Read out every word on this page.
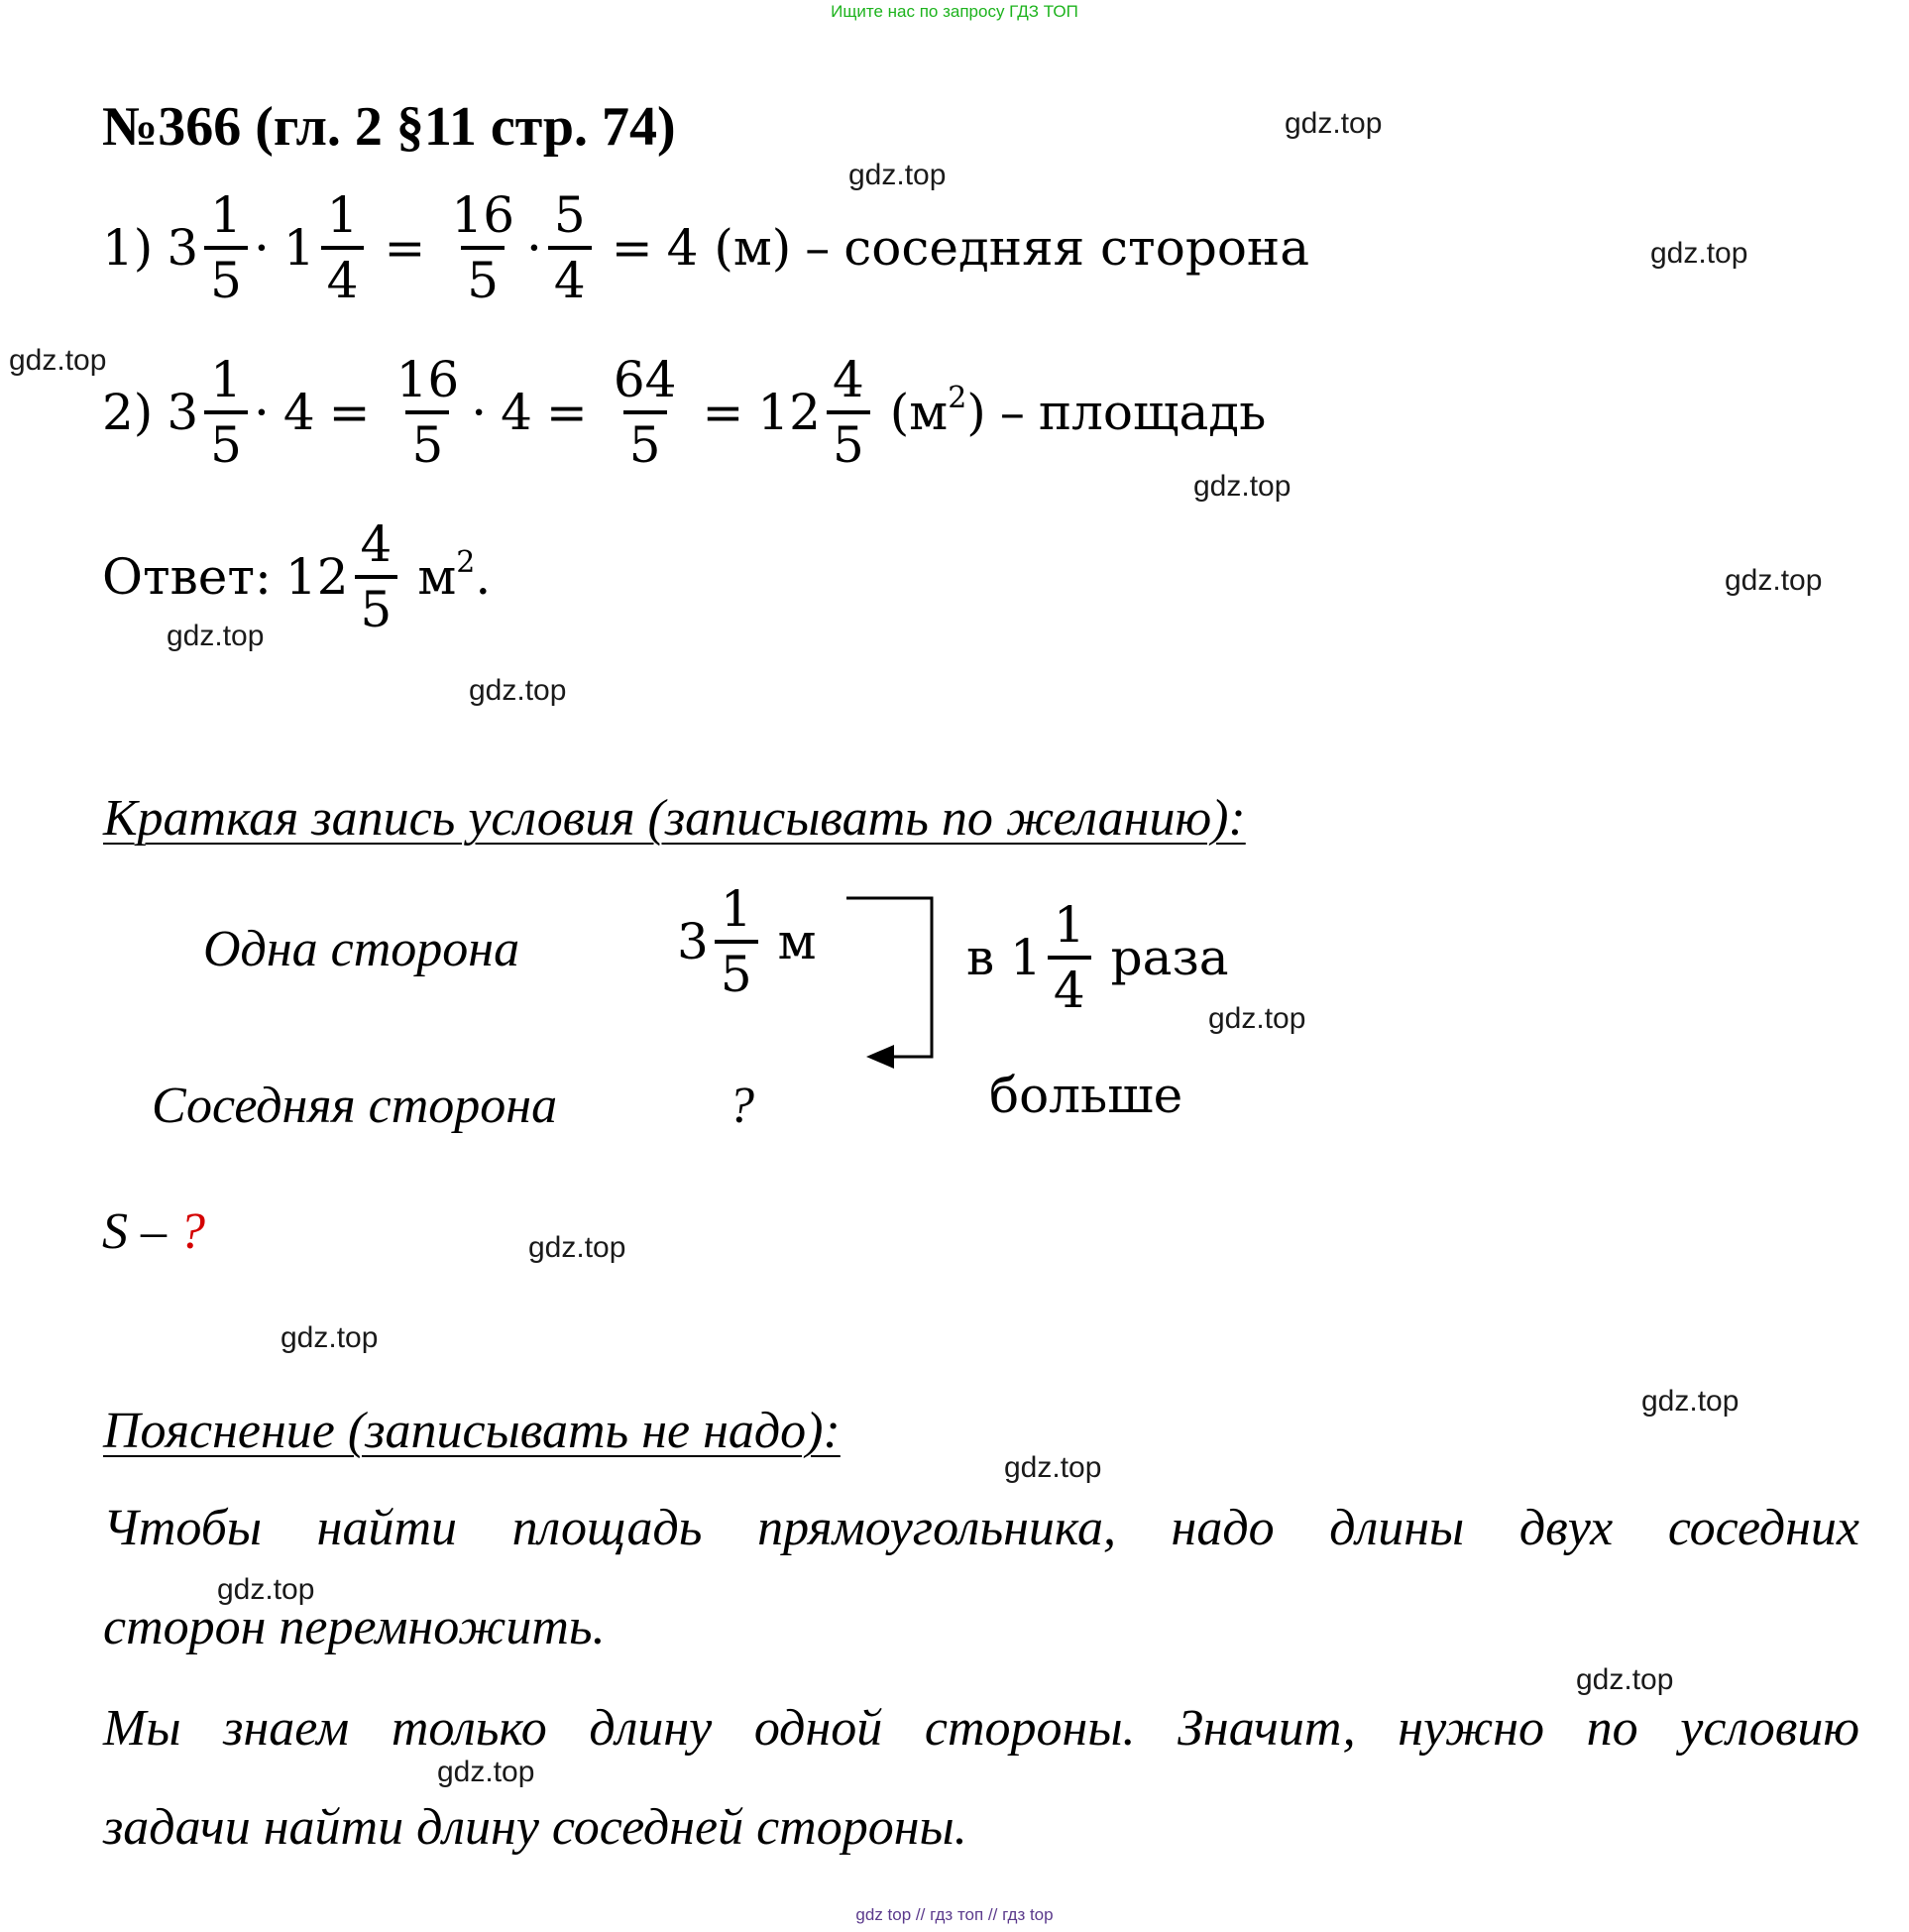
Ищите нас по запросу ГДЗ ТОП
№366 (гл. 2 §11 стр. 74)
1) $3 \frac{1}{5} \cdot 1 \frac{1}{4} = \frac{16}{5} \cdot \frac{5}{4} = 4$ (м) – соседняя сторона
2) $3 \frac{1}{5} \cdot 4 = \frac{16}{5} \cdot 4 = \frac{64}{5} = 12 \frac{4}{5} (м^2)$ – площадь
Ответ: $12 \frac{4}{5} м^2$.
Краткая запись условия (записывать по желанию):
Одна сторона	$3 \frac{1}{5}$ м	в $1 \frac{1}{4}$ раза
больше
Соседняя сторона	?
S – ?
Пояснение (записывать не надо):
Чтобы найти площадь прямоугольника, надо длины двух соседних
сторон перемножить.
Мы знаем только длину одной стороны. Значит, нужно по условию
задачи найти длину соседней стороны.
gdz.top
gdz.top
gdz.top
gdz.top
gdz.top
gdz.top
gdz.top
gdz.top
gdz.top
gdz.top
gdz.top
gdz.top
gdz.top
gdz.top
gdz.top
gdz.top
gdz top // гдз топ // гдз top
